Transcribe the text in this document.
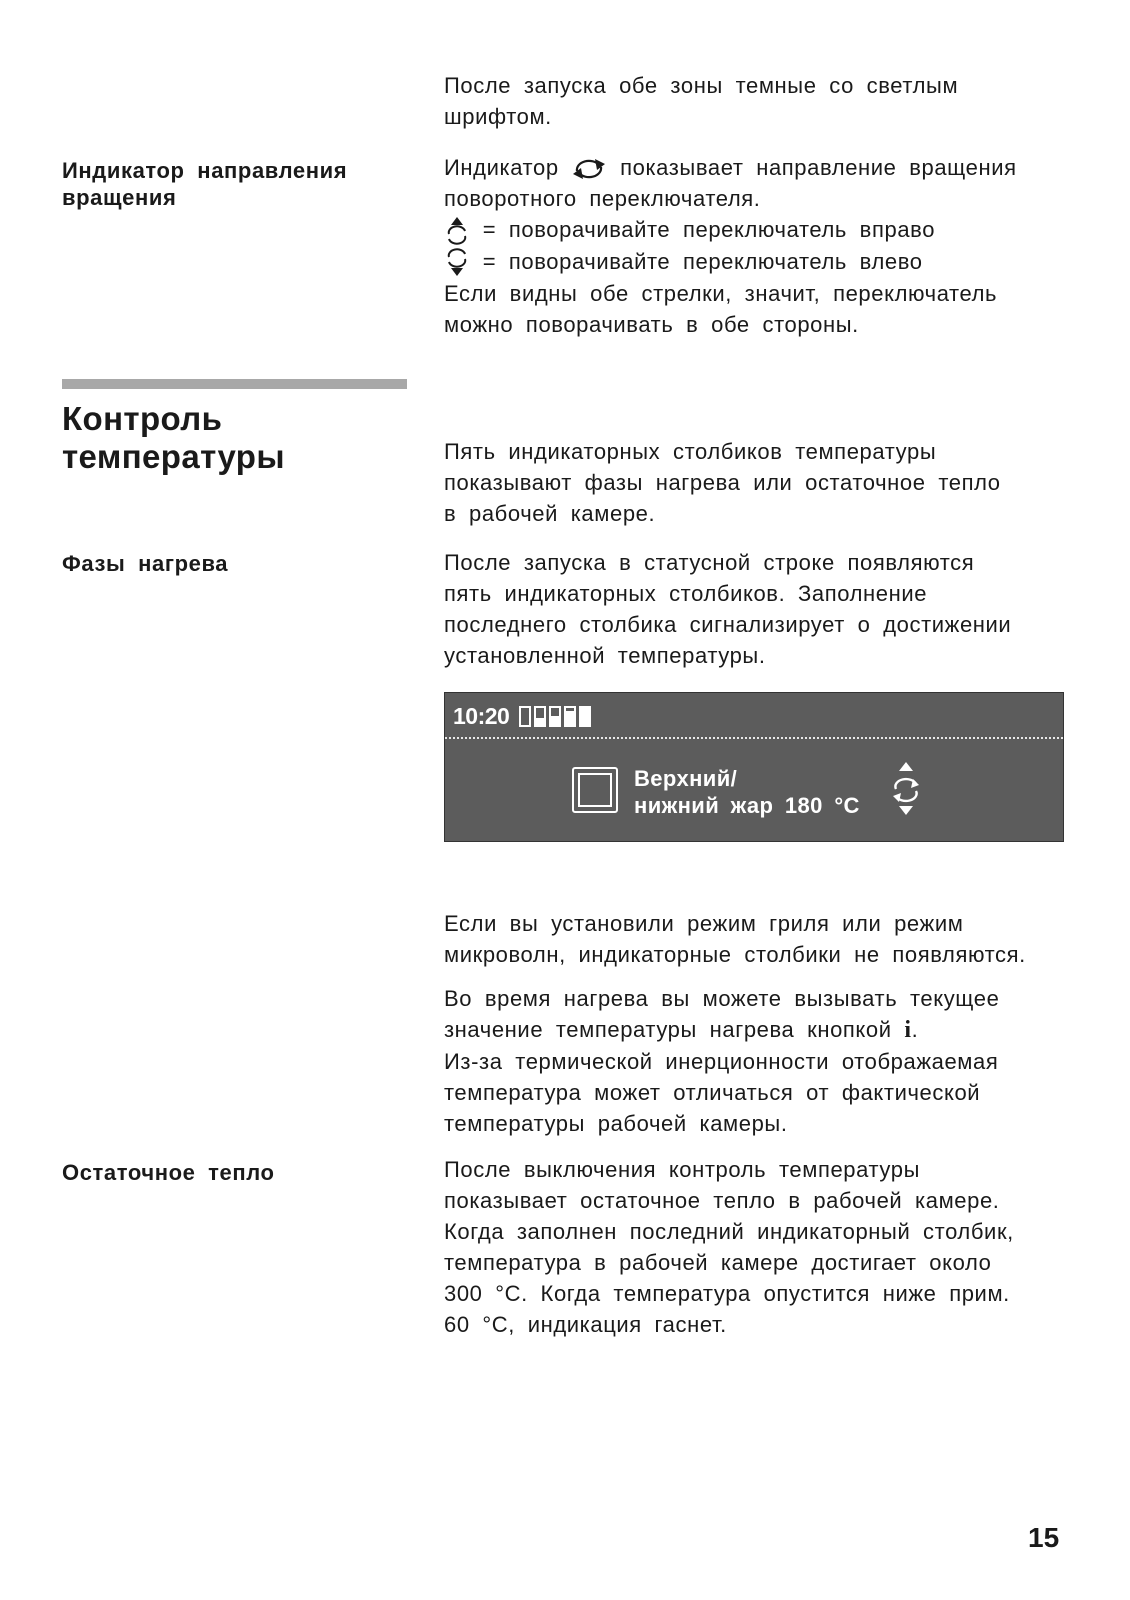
После запуска обе зоны темные со светлым
шрифтом.
Индикатор направления
вращения
Индикатор	показывает направление вращения
поворотного переключателя.
= поворачивайте переключатель вправо
= поворачивайте переключатель влево
Если видны обе стрелки, значит, переключатель
можно поворачивать в обе стороны.
Контроль
температуры	Пять индикаторных столбиков температуры
показывают фазы нагрева или остаточное тепло
в рабочей камере.
Фазы нагрева	После запуска в статусной строке появляются
пять индикаторных столбиков. Заполнение
последнего столбика сигнализирует о достижении
установленной температуры.
10:20
Верхний/
нижний жар 180 °C
Если вы установили режим гриля или режим
микроволн, индикаторные столбики не появляются.
Во время нагрева вы можете вызывать текущее
значение температуры нагрева кнопкой i.
Из-за термической инерционности отображаемая
температура может отличаться от фактической
температуры рабочей камеры.
Остаточное тепло	После выключения контроль температуры
показывает остаточное тепло в рабочей камере.
Когда заполнен последний индикаторный столбик,
температура в рабочей камере достигает около
300 °C. Когда температура опустится ниже прим.
60 °C, индикация гаснет.
15
